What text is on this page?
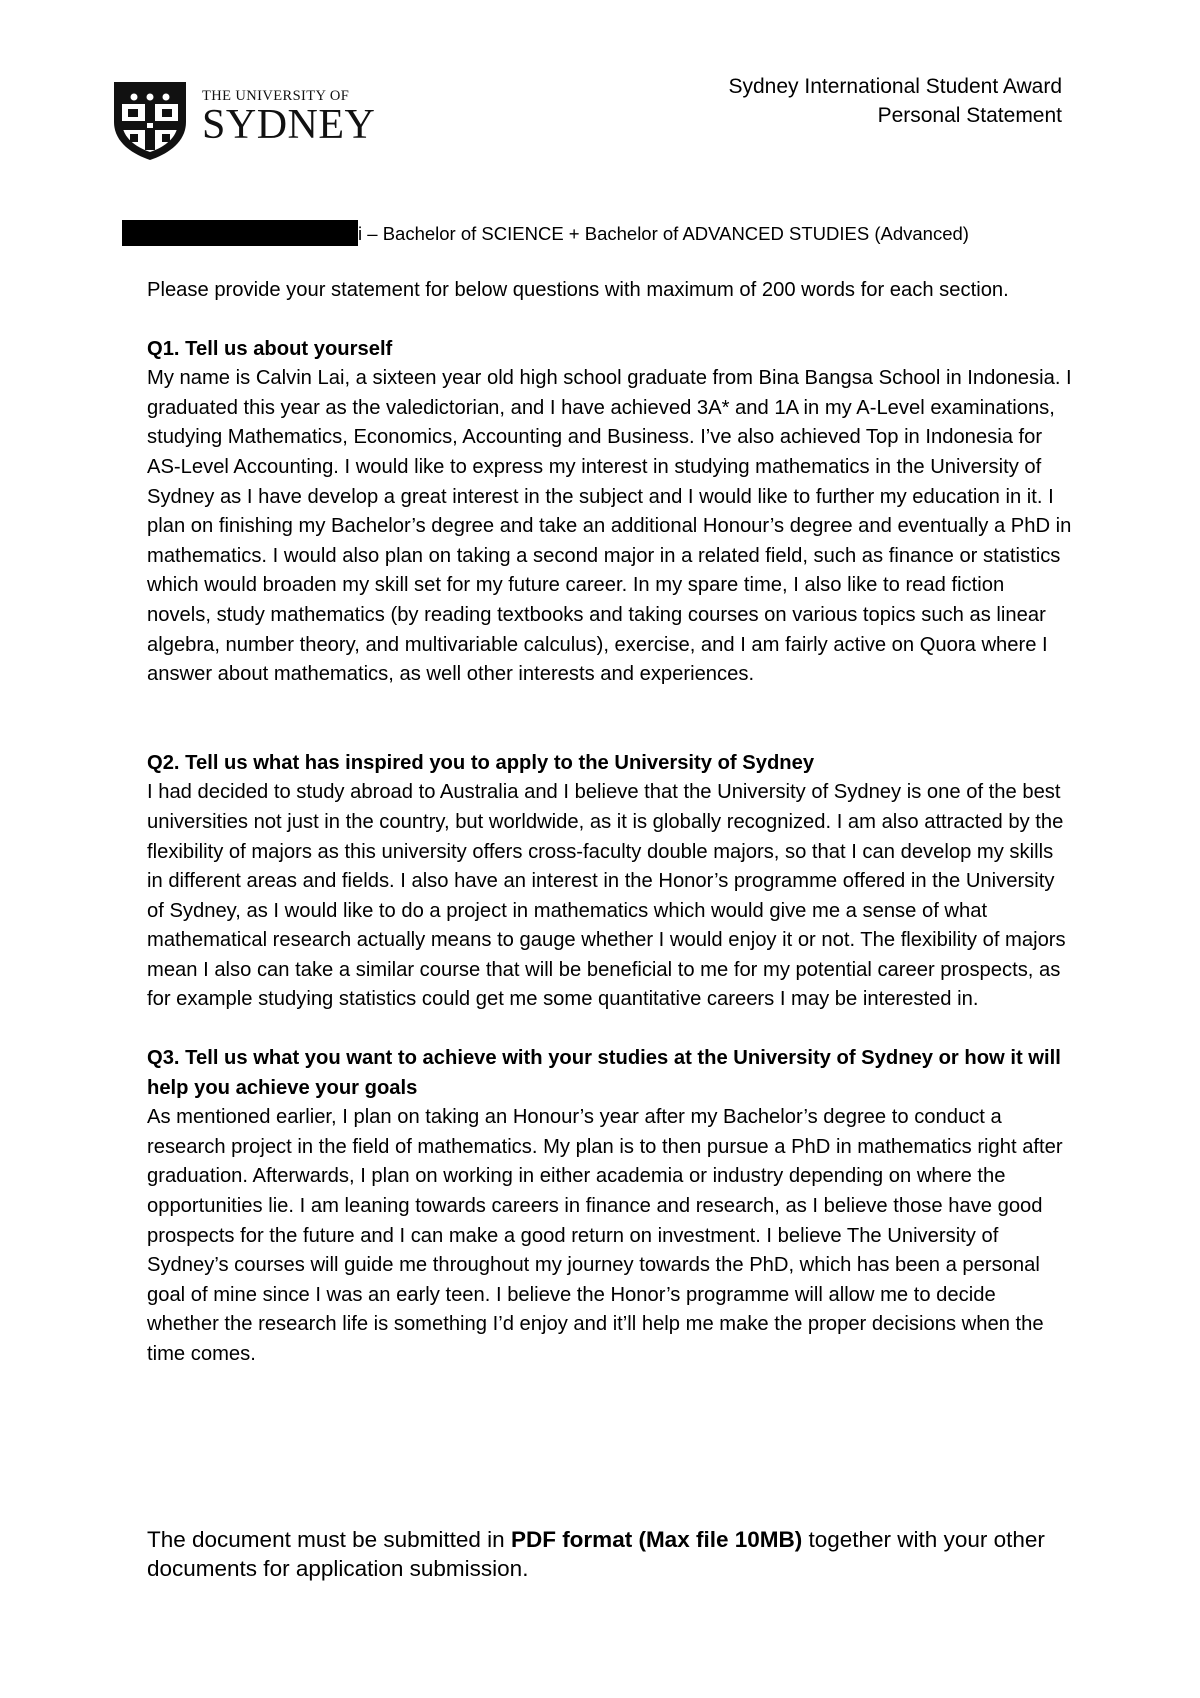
THE UNIVERSITY OF
SYDNEY
Sydney International Student Award
Personal Statement
i – Bachelor of SCIENCE + Bachelor of ADVANCED STUDIES (Advanced)

Please provide your statement for below questions with maximum of 200 words for each section.

Q1. Tell us about yourself

My name is Calvin Lai, a sixteen year old high school graduate from Bina Bangsa School in Indonesia. I graduated this year as the valedictorian, and I have achieved 3A* and 1A in my A-Level examinations, studying Mathematics, Economics, Accounting and Business. I’ve also achieved Top in Indonesia for AS-Level Accounting. I would like to express my interest in studying mathematics in the University of Sydney as I have develop a great interest in the subject and I would like to further my education in it. I plan on finishing my Bachelor’s degree and take an additional Honour’s degree and eventually a PhD in mathematics. I would also plan on taking a second major in a related field, such as finance or statistics which would broaden my skill set for my future career. In my spare time, I also like to read fiction novels, study mathematics (by reading textbooks and taking courses on various topics such as linear algebra, number theory, and multivariable calculus), exercise, and I am fairly active on Quora where I answer about mathematics, as well other interests and experiences.

Q2. Tell us what has inspired you to apply to the University of Sydney

I had decided to study abroad to Australia and I believe that the University of Sydney is one of the best universities not just in the country, but worldwide, as it is globally recognized. I am also attracted by the flexibility of majors as this university offers cross-faculty double majors, so that I can develop my skills in different areas and fields. I also have an interest in the Honor’s programme offered in the University of Sydney, as I would like to do a project in mathematics which would give me a sense of what mathematical research actually means to gauge whether I would enjoy it or not. The flexibility of majors mean I also can take a similar course that will be beneficial to me for my potential career prospects, as for example studying statistics could get me some quantitative careers I may be interested in.

Q3. Tell us what you want to achieve with your studies at the University of Sydney or how it will help you achieve your goals

As mentioned earlier, I plan on taking an Honour’s year after my Bachelor’s degree to conduct a research project in the field of mathematics. My plan is to then pursue a PhD in mathematics right after graduation. Afterwards, I plan on working in either academia or industry depending on where the opportunities lie. I am leaning towards careers in finance and research, as I believe those have good prospects for the future and I can make a good return on investment. I believe The University of Sydney’s courses will guide me throughout my journey towards the PhD, which has been a personal goal of mine since I was an early teen. I believe the Honor’s programme will allow me to decide whether the research life is something I’d enjoy and it’ll help me make the proper decisions when the time comes.

The document must be submitted in PDF format (Max file 10MB) together with your other documents for application submission.
